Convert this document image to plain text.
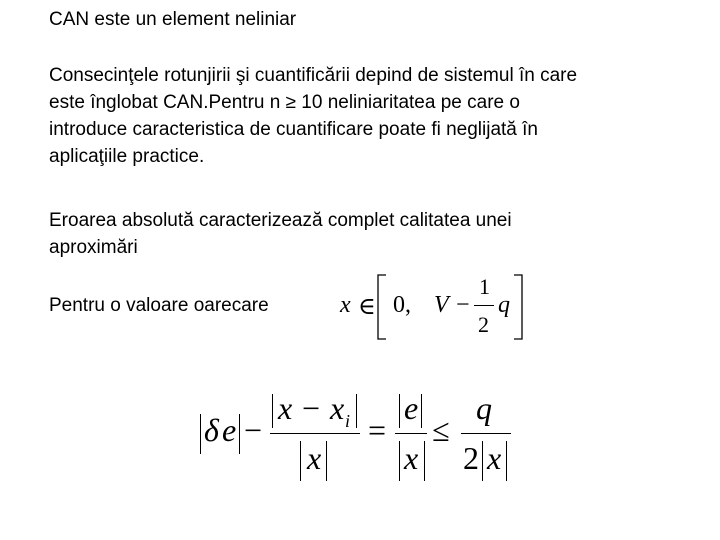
CAN este un element neliniar

Consecinţele rotunjirii şi cuantificării depind de sistemul în care
este înglobat CAN.Pentru n ≥ 10 neliniaritatea pe care o
introduce caracteristica de cuantificare poate fi neglijată în
aplicaţiile practice.

Eroarea absolută caracterizează complet calitatea unei
aproximări

Pentru o valoare oarecare	x ∈ 0, V −
1
2
q
δ e −
x − x i
x
=
e
x
≤
q
2 x
